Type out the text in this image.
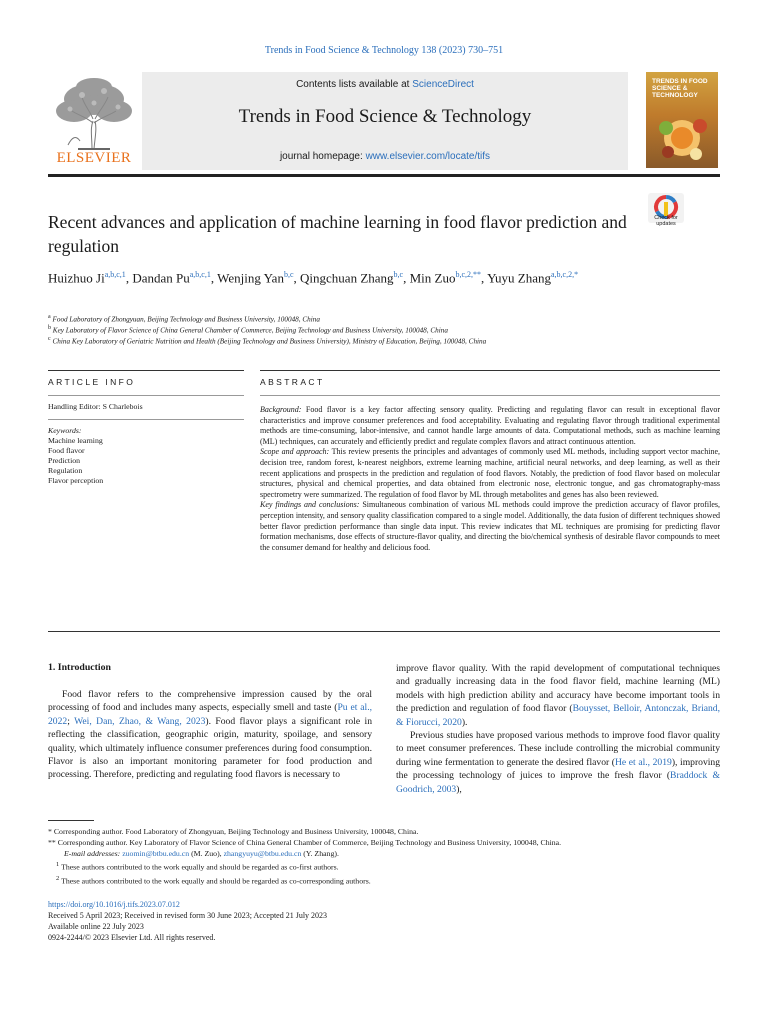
Trends in Food Science & Technology 138 (2023) 730–751
ELSEVIER
Contents lists available at ScienceDirect
Trends in Food Science & Technology
journal homepage: www.elsevier.com/locate/tifs
TRENDS IN FOOD SCIENCE & TECHNOLOGY
Check for updates
Recent advances and application of machine learning in food flavor prediction and regulation
Huizhuo Ji$^{a,b,c,1}$, Dandan Pu$^{a,b,c,1}$, Wenjing Yan$^{b,c}$, Qingchuan Zhang$^{b,c}$, Min Zuo$^{b,c,2,**}$, Yuyu Zhang$^{a,b,c,2,*}$
$^a$ Food Laboratory of Zhongyuan, Beijing Technology and Business University, 100048, China
$^b$ Key Laboratory of Flavor Science of China General Chamber of Commerce, Beijing Technology and Business University, 100048, China
$^c$ China Key Laboratory of Geriatric Nutrition and Health (Beijing Technology and Business University), Ministry of Education, Beijing, 100048, China
ARTICLE INFO
Handling Editor: S Charlebois
Keywords:
Machine learning
Food flavor
Prediction
Regulation
Flavor perception
ABSTRACT

Background: Food flavor is a key factor affecting sensory quality. Predicting and regulating flavor can result in exceptional flavor characteristics and improve consumer preferences and food acceptability. Evaluating and regulating flavor through traditional experimental methods are time-consuming, labor-intensive, and cannot handle large amounts of data. Computational methods, such as machine learning (ML) techniques, can accurately and efficiently predict and regulate complex flavors and attract continuous attention.

Scope and approach: This review presents the principles and advantages of commonly used ML methods, including support vector machine, decision tree, random forest, k-nearest neighbors, extreme learning machine, artificial neural networks, and deep learning, as well as their recent applications and prospects in the prediction and regulation of food flavors. Notably, the prediction of food flavor based on molecular structures, physical and chemical properties, and data obtained from electronic nose, electronic tongue, and gas chromatography-mass spectrometry were summarized. The regulation of food flavor by ML through metabolites and genes has also been reviewed.

Key findings and conclusions: Simultaneous combination of various ML methods could improve the prediction accuracy of flavor profiles, perception intensity, and sensory quality classification compared to a single model. Additionally, the data fusion of different techniques showed better flavor prediction performance than single data input. This review indicates that ML techniques are promising for predicting flavor formation mechanisms, dose effects of structure-flavor quality, and directing the bio/chemical synthesis of desirable flavor compounds to meet the consumer demand for healthy and delicious food.

1. Introduction

Food flavor refers to the comprehensive impression caused by the oral processing of food and includes many aspects, especially smell and taste (Pu et al., 2022; Wei, Dan, Zhao, & Wang, 2023). Food flavor plays a significant role in reflecting the classification, geographic origin, maturity, spoilage, and sensory quality, which ultimately influence consumer preferences during food consumption. Flavor is also an important monitoring parameter for food production and processing. Therefore, predicting and regulating food flavors is necessary to

improve flavor quality. With the rapid development of computational techniques and gradually increasing data in the food flavor field, machine learning (ML) models with high prediction ability and accuracy have become important tools in the prediction and regulation of food flavor (Bouysset, Belloir, Antonczak, Briand, & Fiorucci, 2020).

Previous studies have proposed various methods to improve food flavor quality to meet consumer preferences. These include controlling the microbial community during wine fermentation to generate the desired flavor (He et al., 2019), improving the processing technology of juices to improve the fresh flavor (Braddock & Goodrich, 2003),

* Corresponding author. Food Laboratory of Zhongyuan, Beijing Technology and Business University, 100048, China.
** Corresponding author. Key Laboratory of Flavor Science of China General Chamber of Commerce, Beijing Technology and Business University, 100048, China.
E-mail addresses: zuomin@btbu.edu.cn (M. Zuo), zhangyuyu@btbu.edu.cn (Y. Zhang).
$^1$ These authors contributed to the work equally and should be regarded as co-first authors.
$^2$ These authors contributed to the work equally and should be regarded as co-corresponding authors.
https://doi.org/10.1016/j.tifs.2023.07.012
Received 5 April 2023; Received in revised form 30 June 2023; Accepted 21 July 2023
Available online 22 July 2023
0924-2244/© 2023 Elsevier Ltd. All rights reserved.
